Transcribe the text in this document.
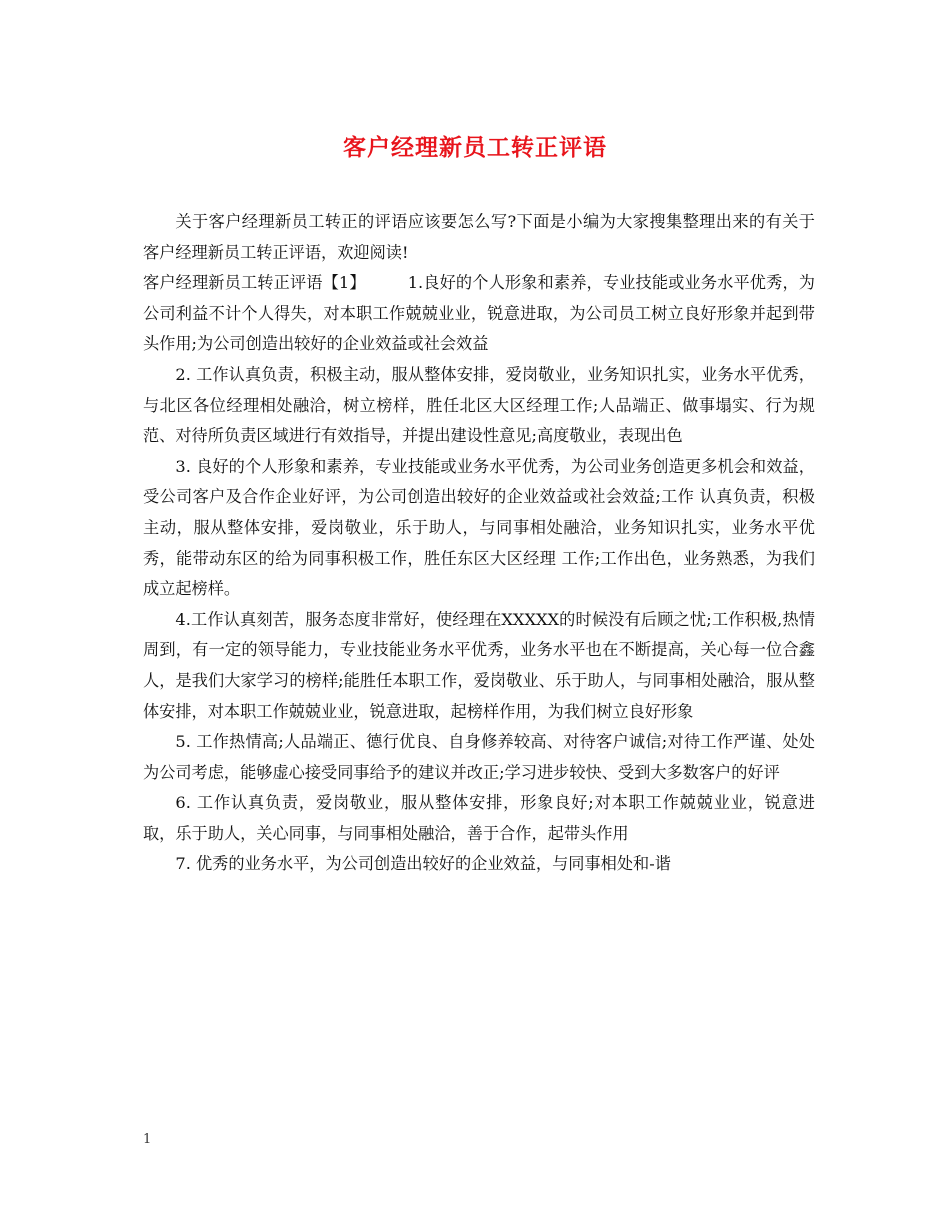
客户经理新员工转正评语

关于客户经理新员工转正的评语应该要怎么写?下面是小编为大家搜集整理出来的有关于客户经理新员工转正评语，欢迎阅读!

客户经理新员工转正评语【1】	1.良好的个人形象和素养，专业技能或业务水平优秀，为公司利益不计个人得失，对本职工作兢兢业业，锐意进取，为公司员工树立良好形象并起到带头作用;为公司创造出较好的企业效益或社会效益

2. 工作认真负责，积极主动，服从整体安排，爱岗敬业，业务知识扎实，业务水平优秀，与北区各位经理相处融洽，树立榜样，胜任北区大区经理工作;人品端正、做事塌实、行为规范、对待所负责区域进行有效指导，并提出建设性意见;高度敬业，表现出色

3. 良好的个人形象和素养，专业技能或业务水平优秀，为公司业务创造更多机会和效益，受公司客户及合作企业好评，为公司创造出较好的企业效益或社会效益;工作 认真负责，积极主动，服从整体安排，爱岗敬业，乐于助人，与同事相处融洽，业务知识扎实，业务水平优秀，能带动东区的给为同事积极工作，胜任东区大区经理 工作;工作出色，业务熟悉，为我们成立起榜样。

4.工作认真刻苦，服务态度非常好，使经理在XXXXX的时候没有后顾之忧;工作积极,热情周到，有一定的领导能力，专业技能业务水平优秀，业务水平也在不断提高，关心每一位合鑫人，是我们大家学习的榜样;能胜任本职工作，爱岗敬业、乐于助人，与同事相处融洽，服从整体安排，对本职工作兢兢业业，锐意进取，起榜样作用，为我们树立良好形象

5. 工作热情高;人品端正、德行优良、自身修养较高、对待客户诚信;对待工作严谨、处处为公司考虑，能够虚心接受同事给予的建议并改正;学习进步较快、受到大多数客户的好评

6. 工作认真负责，爱岗敬业，服从整体安排，形象良好;对本职工作兢兢业业，锐意进取，乐于助人，关心同事，与同事相处融洽，善于合作，起带头作用

7. 优秀的业务水平，为公司创造出较好的企业效益，与同事相处和-谐

1
